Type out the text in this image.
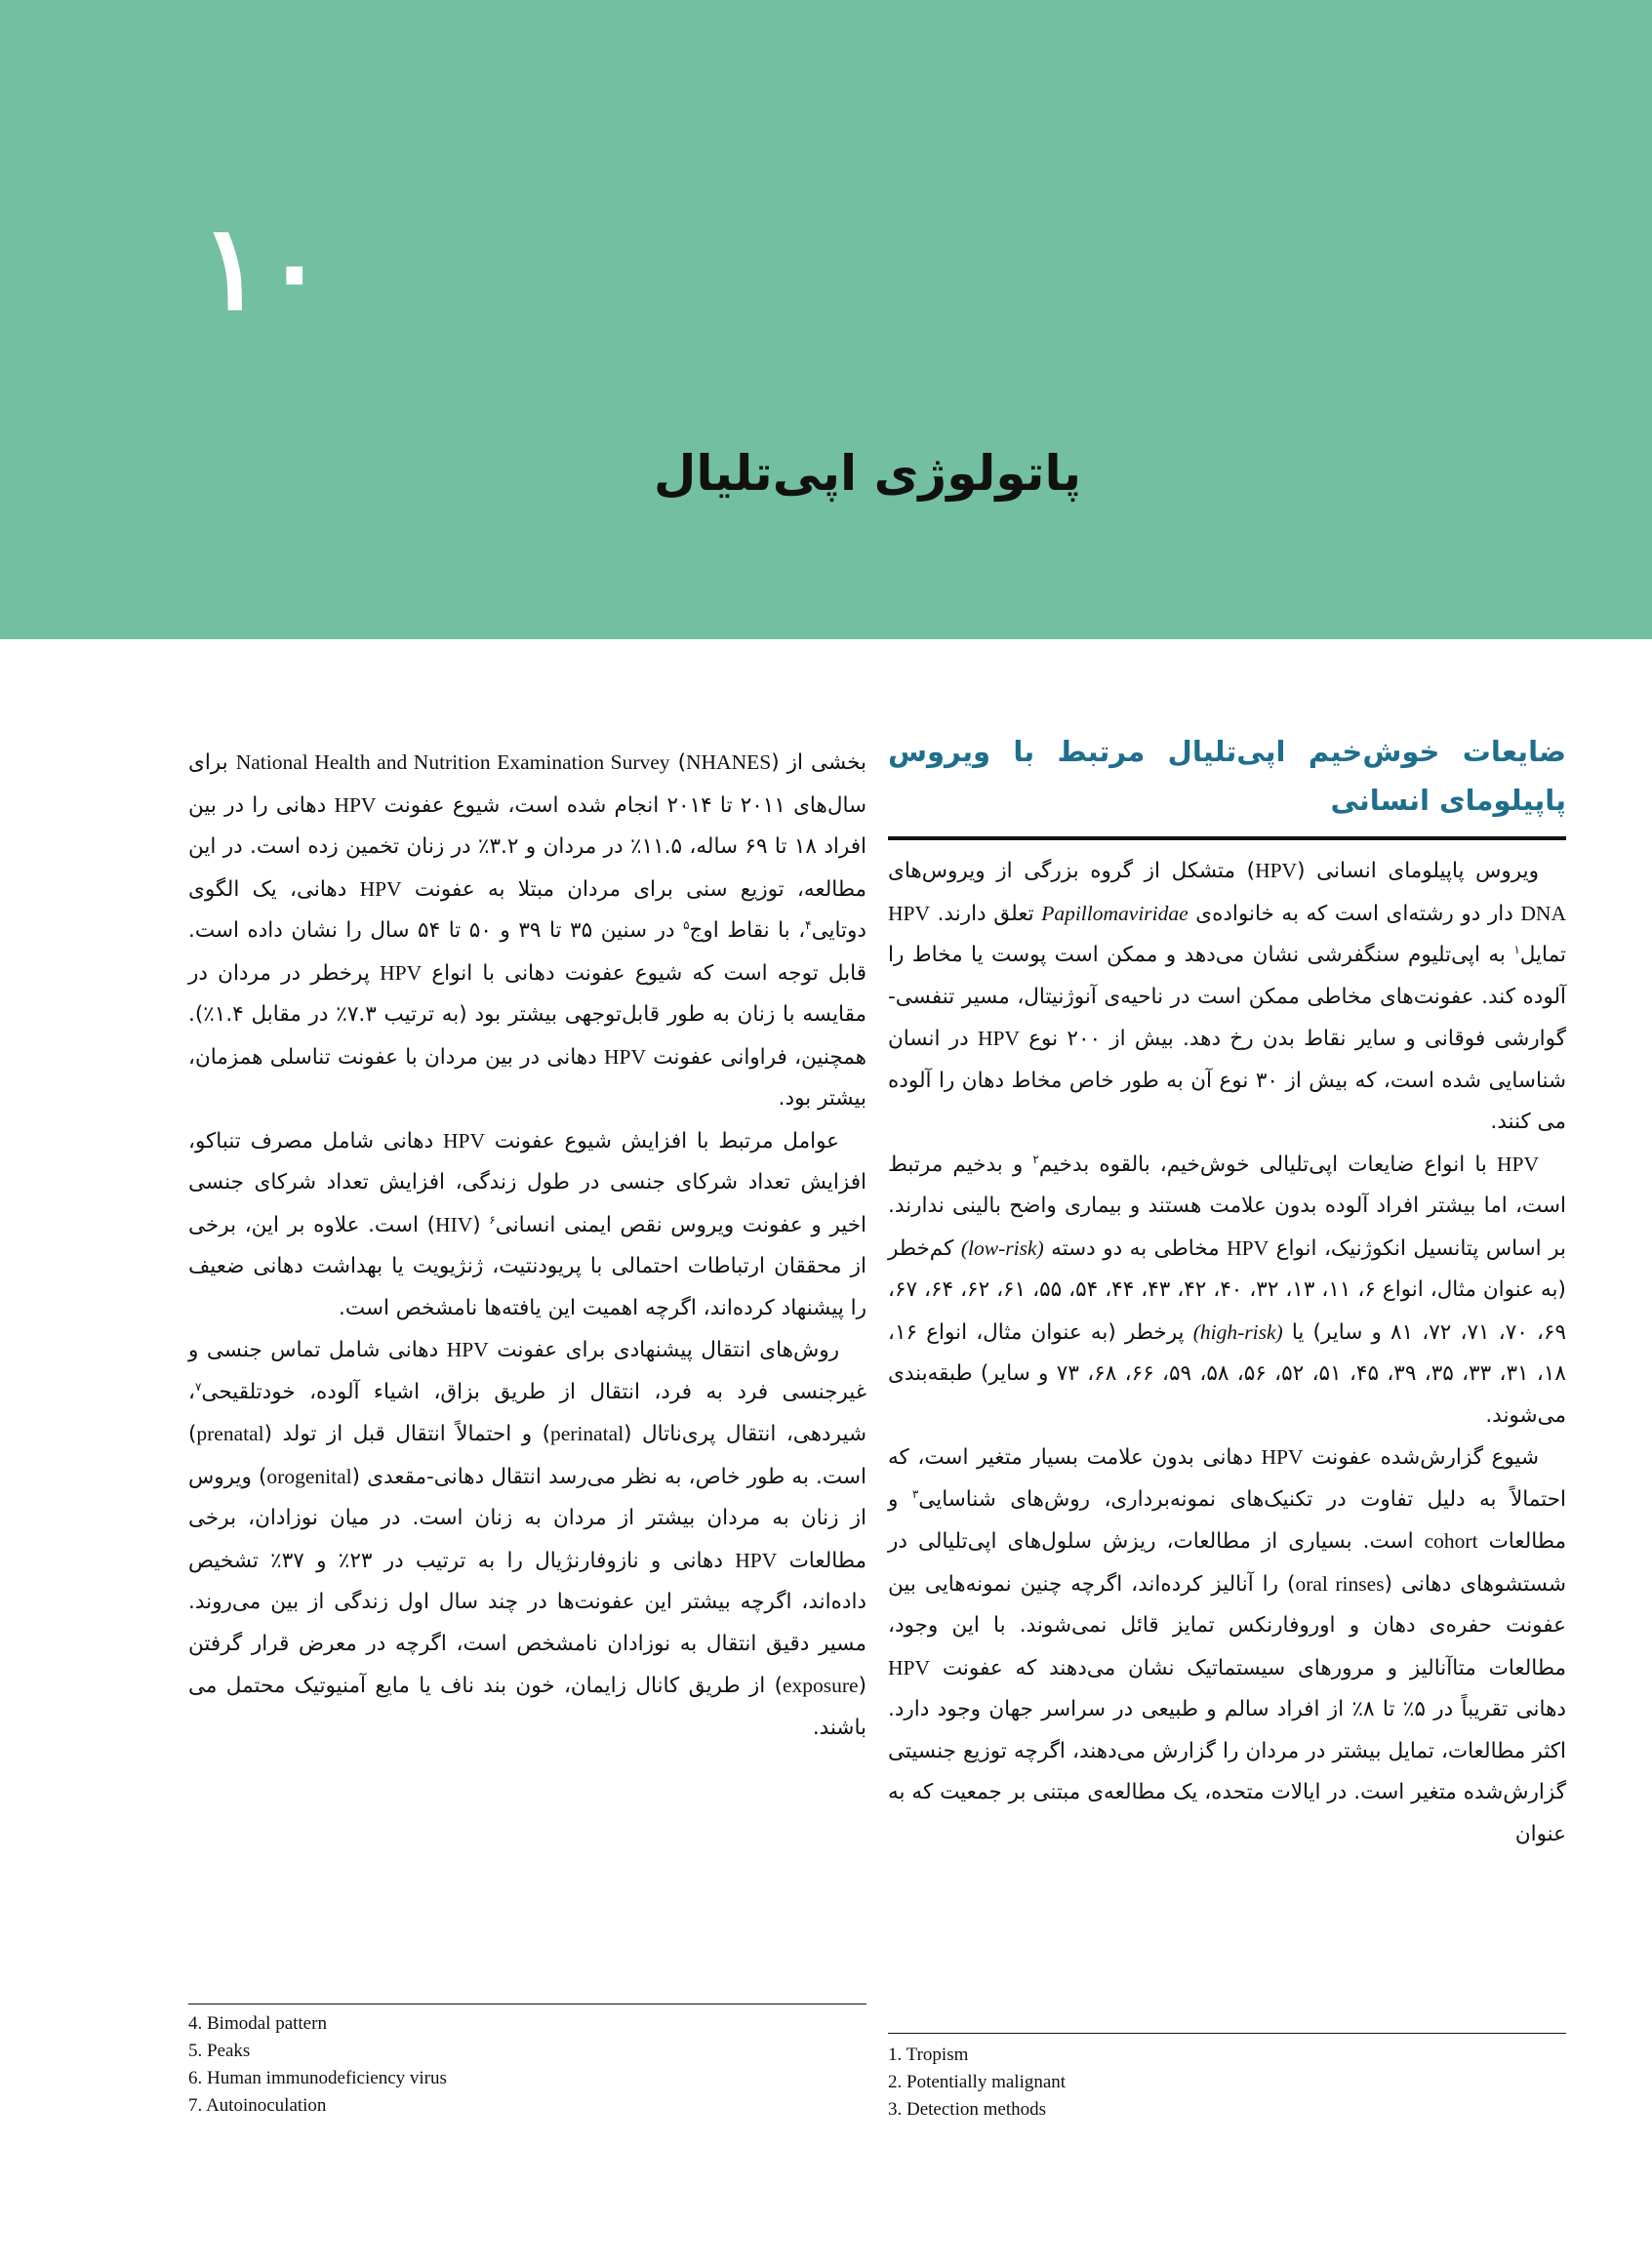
۱۰
پاتولوژی اپی‌تلیال
ضایعات خوش‌خیم اپی‌تلیال مرتبط با ویروس پاپیلومای انسانی

ویروس پاپیلومای انسانی (HPV) متشکل از گروه بزرگی از ویروس‌های DNA دار دو رشته‌ای است که به خانواده‌ی Papillomaviridae تعلق دارند. HPV تمایل$^۱$ به اپی‌تلیوم سنگفرشی نشان می‌دهد و ممکن است پوست یا مخاط را آلوده کند. عفونت‌های مخاطی ممکن است در ناحیه‌ی آنوژنیتال، مسیر تنفسی-گوارشی فوقانی و سایر نقاط بدن رخ دهد. بیش از ۲۰۰ نوع HPV در انسان شناسایی شده است، که بیش از ۳۰ نوع آن به طور خاص مخاط دهان را آلوده می کنند.

HPV با انواع ضایعات اپی‌تلیالی خوش‌خیم، بالقوه بدخیم$^۲$ و بدخیم مرتبط است، اما بیشتر افراد آلوده بدون علامت هستند و بیماری واضح بالینی ندارند. بر اساس پتانسیل انکوژنیک، انواع HPV مخاطی به دو دسته (low-risk) کم‌خطر (به عنوان مثال، انواع ۶، ۱۱، ۱۳، ۳۲، ۴۰، ۴۲، ۴۳، ۴۴، ۵۴، ۵۵، ۶۱، ۶۲، ۶۴، ۶۷، ۶۹، ۷۰، ۷۱، ۷۲، ۸۱ و سایر) یا (high-risk) پرخطر (به عنوان مثال، انواع ۱۶، ۱۸، ۳۱، ۳۳، ۳۵، ۳۹، ۴۵، ۵۱، ۵۲، ۵۶، ۵۸، ۵۹، ۶۶، ۶۸، ۷۳ و سایر) طبقه‌بندی می‌شوند.

شیوع گزارش‌شده عفونت HPV دهانی بدون علامت بسیار متغیر است، که احتمالاً به دلیل تفاوت در تکنیک‌های نمونه‌برداری، روش‌های شناسایی$^۳$ و مطالعات cohort است. بسیاری از مطالعات، ریزش سلول‌های اپی‌تلیالی در شستشوهای دهانی (oral rinses) را آنالیز کرده‌اند، اگرچه چنین نمونه‌هایی بین عفونت حفره‌ی دهان و اوروفارنکس تمایز قائل نمی‌شوند. با این وجود، مطالعات متاآنالیز و مرورهای سیستماتیک نشان می‌دهند که عفونت HPV دهانی تقریباً در ۵٪ تا ۸٪ از افراد سالم و طبیعی در سراسر جهان وجود دارد. اکثر مطالعات، تمایل بیشتر در مردان را گزارش می‌دهند، اگرچه توزیع جنسیتی گزارش‌شده متغیر است. در ایالات متحده، یک مطالعه‌ی مبتنی بر جمعیت که به عنوان

بخشی از National Health and Nutrition Examination Survey (NHANES) برای سال‌های ۲۰۱۱ تا ۲۰۱۴ انجام شده است، شیوع عفونت HPV دهانی را در بین افراد ۱۸ تا ۶۹ ساله، ۱۱.۵٪ در مردان و ۳.۲٪ در زنان تخمین زده است. در این مطالعه، توزیع سنی برای مردان مبتلا به عفونت HPV دهانی، یک الگوی دوتایی$^۴$، با نقاط اوج$^۵$ در سنین ۳۵ تا ۳۹ و ۵۰ تا ۵۴ سال را نشان داده است. قابل توجه است که شیوع عفونت دهانی با انواع HPV پرخطر در مردان در مقایسه با زنان به طور قابل‌توجهی بیشتر بود (به ترتیب ۷.۳٪ در مقابل ۱.۴٪). همچنین، فراوانی عفونت HPV دهانی در بین مردان با عفونت تناسلی همزمان، بیشتر بود.

عوامل مرتبط با افزایش شیوع عفونت HPV دهانی شامل مصرف تنباکو، افزایش تعداد شرکای جنسی در طول زندگی، افزایش تعداد شرکای جنسی اخیر و عفونت ویروس نقص ایمنی انسانی$^۶$ (HIV) است. علاوه بر این، برخی از محققان ارتباطات احتمالی با پریودنتیت، ژنژیویت یا بهداشت دهانی ضعیف را پیشنهاد کرده‌اند، اگرچه اهمیت این یافته‌ها نامشخص است.

روش‌های انتقال پیشنهادی برای عفونت HPV دهانی شامل تماس جنسی و غیرجنسی فرد به فرد، انتقال از طریق بزاق، اشیاء آلوده، خودتلقیحی$^۷$، شیردهی، انتقال پری‌ناتال (perinatal) و احتمالاً انتقال قبل از تولد (prenatal) است. به طور خاص، به نظر می‌رسد انتقال دهانی-مقعدی (orogenital) ویروس از زنان به مردان بیشتر از مردان به زنان است. در میان نوزادان، برخی مطالعات HPV دهانی و نازوفارنژیال را به ترتیب در ۲۳٪ و ۳۷٪ تشخیص داده‌اند، اگرچه بیشتر این عفونت‌ها در چند سال اول زندگی از بین می‌روند. مسیر دقیق انتقال به نوزادان نامشخص است، اگرچه در معرض قرار گرفتن (exposure) از طریق کانال زایمان، خون بند ناف یا مایع آمنیوتیک محتمل می باشند.

1. Tropism
2. Potentially malignant
3. Detection methods
4. Bimodal pattern
5. Peaks
6. Human immunodeficiency virus
7. Autoinoculation
